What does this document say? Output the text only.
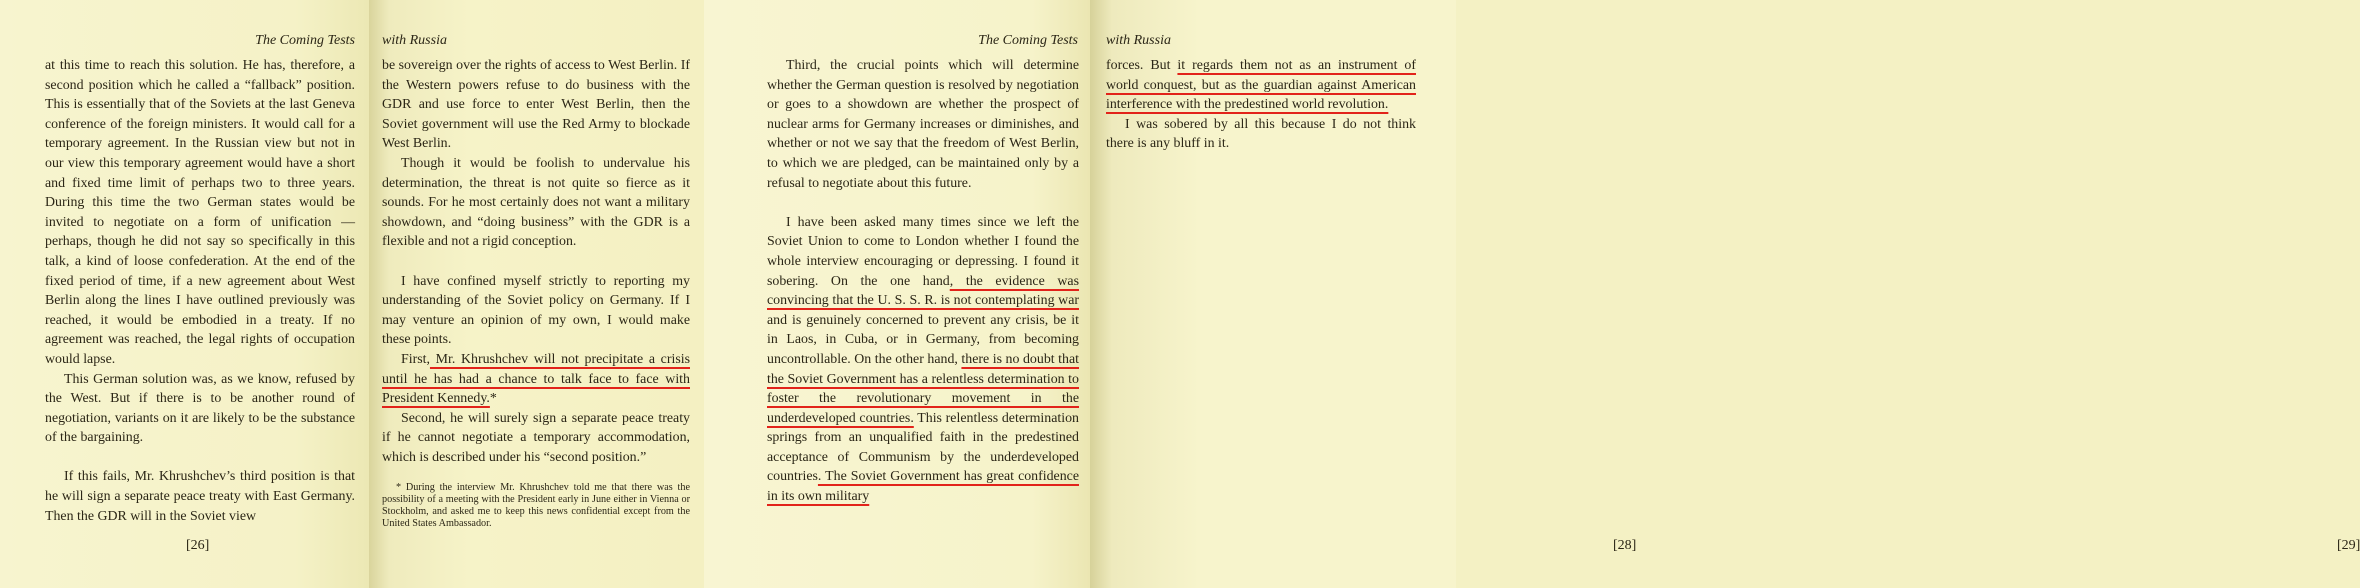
The Coming Tests

at this time to reach this solution. He has, therefore, a second position which he called a “fallback” position. This is essentially that of the Soviets at the last Geneva conference of the foreign ministers. It would call for a temporary agreement. In the Russian view but not in our view this temporary agreement would have a short and fixed time limit of perhaps two to three years. During this time the two German states would be invited to negotiate on a form of unification — perhaps, though he did not say so specifically in this talk, a kind of loose confederation. At the end of the fixed period of time, if a new agreement about West Berlin along the lines I have outlined previously was reached, it would be embodied in a treaty. If no agreement was reached, the legal rights of occupation would lapse.

This German solution was, as we know, refused by the West. But if there is to be another round of negotiation, variants on it are likely to be the substance of the bargaining.

If this fails, Mr. Khrushchev’s third position is that he will sign a separate peace treaty with East Germany. Then the GDR will in the Soviet view

[26]
with Russia

be sovereign over the rights of access to West Berlin. If the Western powers refuse to do business with the GDR and use force to enter West Berlin, then the Soviet government will use the Red Army to blockade West Berlin.

Though it would be foolish to undervalue his determination, the threat is not quite so fierce as it sounds. For he most certainly does not want a military showdown, and “doing business” with the GDR is a flexible and not a rigid conception.

I have confined myself strictly to reporting my understanding of the Soviet policy on Germany. If I may venture an opinion of my own, I would make these points.

First, Mr. Khrushchev will not precipitate a crisis until he has had a chance to talk face to face with President Kennedy.*

Second, he will surely sign a separate peace treaty if he cannot negotiate a temporary accommodation, which is described under his “second position.”

* During the interview Mr. Khrushchev told me that there was the possibility of a meeting with the President early in June either in Vienna or Stockholm, and asked me to keep this news confidential except from the United States Ambassador.

The Coming Tests

Third, the crucial points which will determine whether the German question is resolved by negotiation or goes to a showdown are whether the prospect of nuclear arms for Germany increases or diminishes, and whether or not we say that the freedom of West Berlin, to which we are pledged, can be maintained only by a refusal to negotiate about this future.

I have been asked many times since we left the Soviet Union to come to London whether I found the whole interview encouraging or depressing. I found it sobering. On the one hand, the evidence was convincing that the U. S. S. R. is not contemplating war and is genuinely concerned to prevent any crisis, be it in Laos, in Cuba, or in Germany, from becoming uncontrollable. On the other hand, there is no doubt that the Soviet Government has a relentless determination to foster the revolutionary movement in the underdeveloped countries. This relentless determination springs from an unqualified faith in the predestined acceptance of Communism by the underdeveloped countries. The Soviet Government has great confidence in its own military

[28]
with Russia

forces. But it regards them not as an instrument of world conquest, but as the guardian against American interference with the predestined world revolution.

I was sobered by all this because I do not think there is any bluff in it.

[29]
